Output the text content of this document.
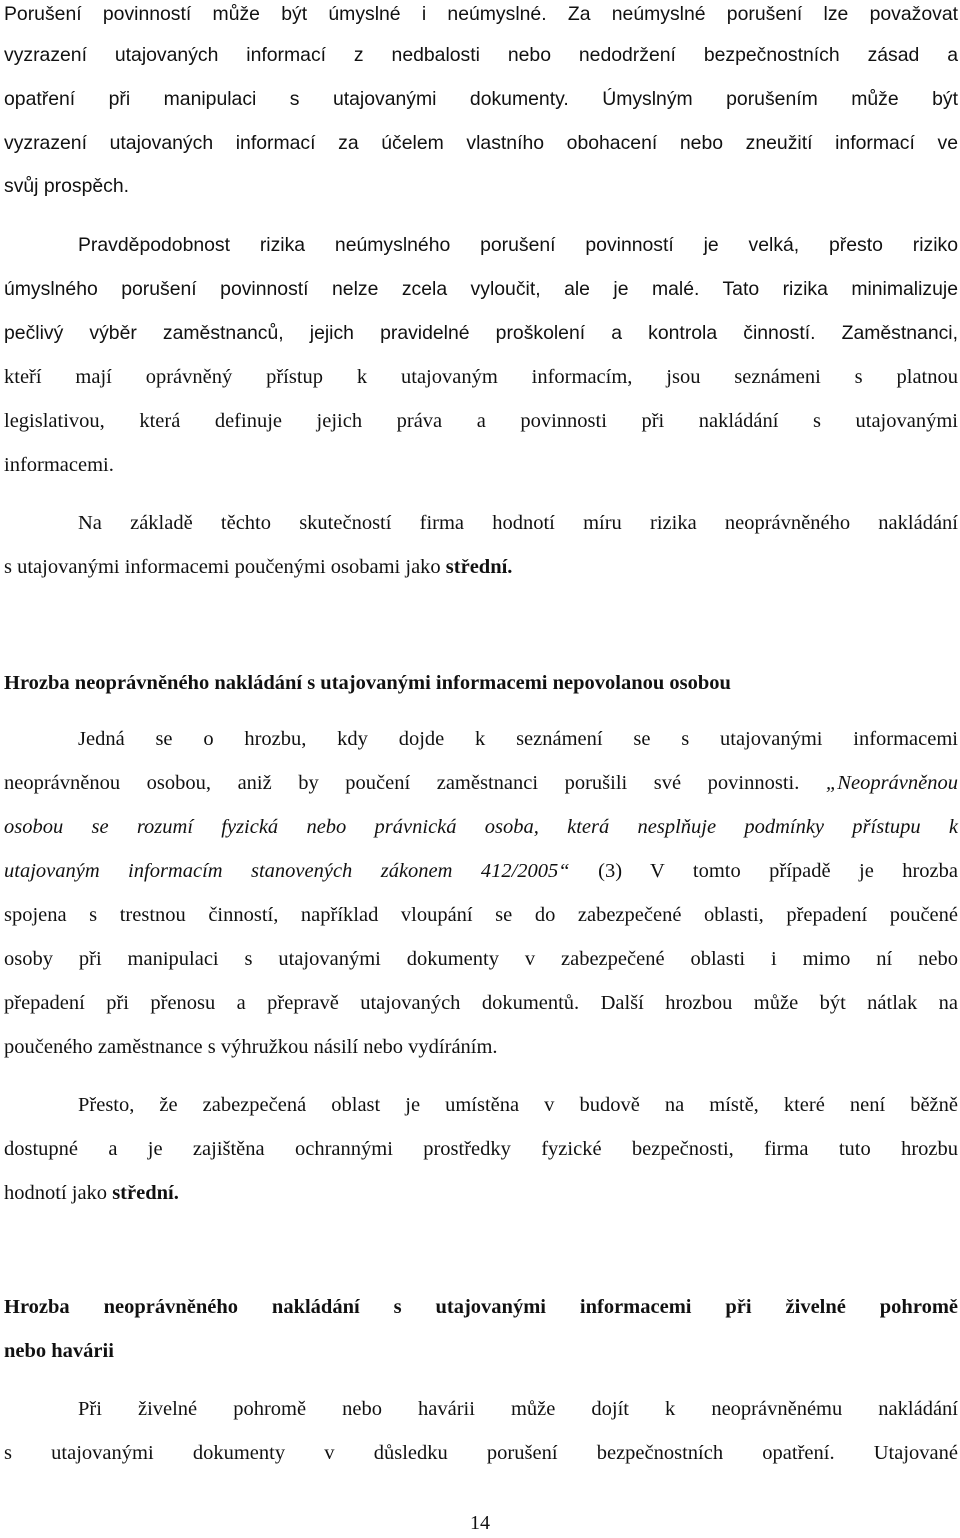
Porušení povinností může být úmyslné i neúmyslné. Za neúmyslné porušení lze považovat
vyzrazení utajovaných informací z nedbalosti nebo nedodržení bezpečnostních zásad a
opatření při manipulaci s utajovanými dokumenty. Úmyslným porušením může být
vyzrazení utajovaných informací za účelem vlastního obohacení nebo zneužití informací ve
svůj prospěch.
Pravděpodobnost rizika neúmyslného porušení povinností je velká, přesto riziko
úmyslného porušení povinností nelze zcela vyloučit, ale je malé. Tato rizika minimalizuje
pečlivý výběr zaměstnanců, jejich pravidelné proškolení a kontrola činností. Zaměstnanci,
kteří mají oprávněný přístup k utajovaným informacím, jsou seznámeni s platnou
legislativou, která definuje jejich práva a povinnosti při nakládání s utajovanými
informacemi.
Na základě těchto skutečností firma hodnotí míru rizika neoprávněného nakládání
s utajovanými informacemi poučenými osobami jako střední.
Hrozba neoprávněného nakládání s utajovanými informacemi nepovolanou osobou
Jedná se o hrozbu, kdy dojde k seznámení se s utajovanými informacemi
neoprávněnou osobou, aniž by poučení zaměstnanci porušili své povinnosti. „Neoprávněnou
osobou se rozumí fyzická nebo právnická osoba, která nesplňuje podmínky přístupu k
utajovaným informacím stanovených zákonem 412/2005“ (3) V tomto případě je hrozba
spojena s trestnou činností, například vloupání se do zabezpečené oblasti, přepadení poučené
osoby při manipulaci s utajovanými dokumenty v zabezpečené oblasti i mimo ní nebo
přepadení při přenosu a přepravě utajovaných dokumentů. Další hrozbou může být nátlak na
poučeného zaměstnance s výhružkou násilí nebo vydíráním.
Přesto, že zabezpečená oblast je umístěna v budově na místě, které není běžně
dostupné a je zajištěna ochrannými prostředky fyzické bezpečnosti, firma tuto hrozbu
hodnotí jako střední.
Hrozba neoprávněného nakládání s utajovanými informacemi při živelné pohromě
nebo havárii
Při živelné pohromě nebo havárii může dojít k neoprávněnému nakládání
s utajovanými dokumenty v důsledku porušení bezpečnostních opatření. Utajované
14
